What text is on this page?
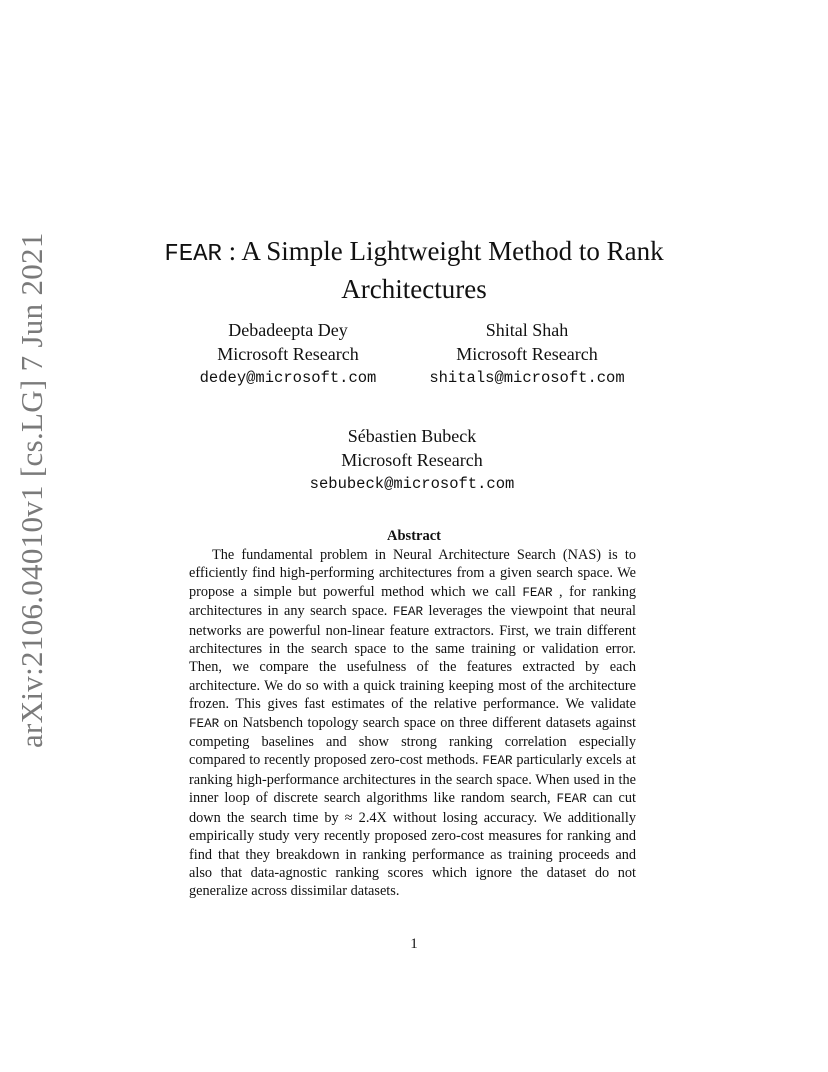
arXiv:2106.04010v1 [cs.LG] 7 Jun 2021	FEAR : A Simple Lightweight Method to Rank
Architectures
Debadeepta Dey
Microsoft Research
dedey@microsoft.com
Shital Shah
Microsoft Research
shitals@microsoft.com
Sébastien Bubeck
Microsoft Research
sebubeck@microsoft.com
Abstract
The fundamental problem in Neural Architecture Search (NAS) is to efficiently find high-performing architectures from a given search space. We propose a simple but powerful method which we call FEAR , for ranking architectures in any search space. FEAR leverages the viewpoint that neural networks are powerful non-linear feature extractors. First, we train different architectures in the search space to the same training or validation error. Then, we compare the usefulness of the features extracted by each architecture. We do so with a quick training keeping most of the architecture frozen. This gives fast estimates of the relative performance. We validate FEAR on Natsbench topology search space on three different datasets against competing baselines and show strong ranking correlation especially compared to recently proposed zero-cost methods. FEAR particularly excels at ranking high-performance architectures in the search space. When used in the inner loop of discrete search algorithms like random search, FEAR can cut down the search time by ≈ 2.4X without losing accuracy. We additionally empirically study very recently proposed zero-cost measures for ranking and find that they breakdown in ranking performance as training proceeds and also that data-agnostic ranking scores which ignore the dataset do not generalize across dissimilar datasets.
1
